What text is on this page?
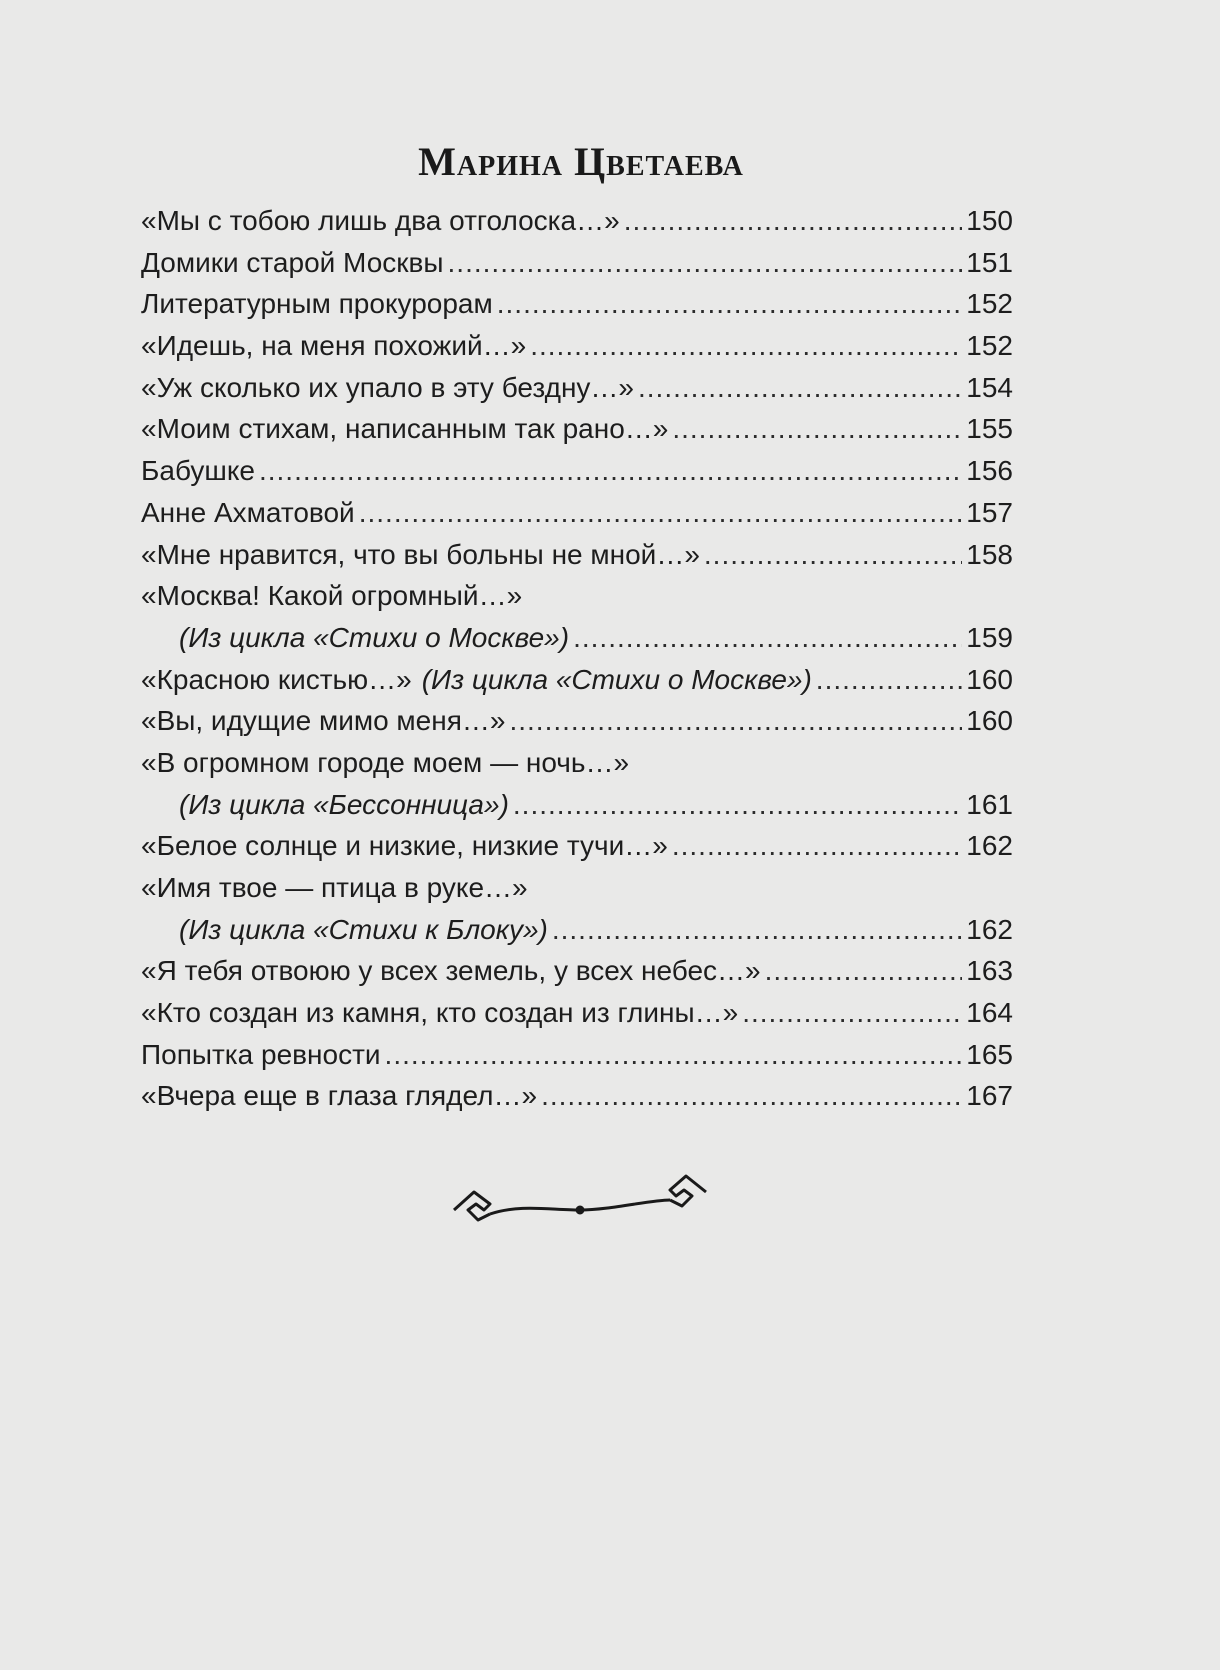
Марина Цветаева
«Мы с тобою лишь два отголоска…» .....	150
Домики старой Москвы .....	151
Литературным прокурорам .....	152
«Идешь, на меня похожий…» .....	152
«Уж сколько их упало в эту бездну…» .....	154
«Моим стихам, написанным так рано…» .....	155
Бабушке .....	156
Анне Ахматовой .....	157
«Мне нравится, что вы больны не мной…» .....	158
«Москва! Какой огромный…»
(Из цикла «Стихи о Москве») .....	159
«Красною кистью…» (Из цикла «Стихи о Москве») .....	160
«Вы, идущие мимо меня…» .....	160
«В огромном городе моем — ночь…»
(Из цикла «Бессонница») .....	161
«Белое солнце и низкие, низкие тучи…» .....	162
«Имя твое — птица в руке…»
(Из цикла «Стихи к Блоку») .....	162
«Я тебя отвоюю у всех земель, у всех небес…» .....	163
«Кто создан из камня, кто создан из глины…» .....	164
Попытка ревности .....	165
«Вчера еще в глаза глядел…» .....	167
